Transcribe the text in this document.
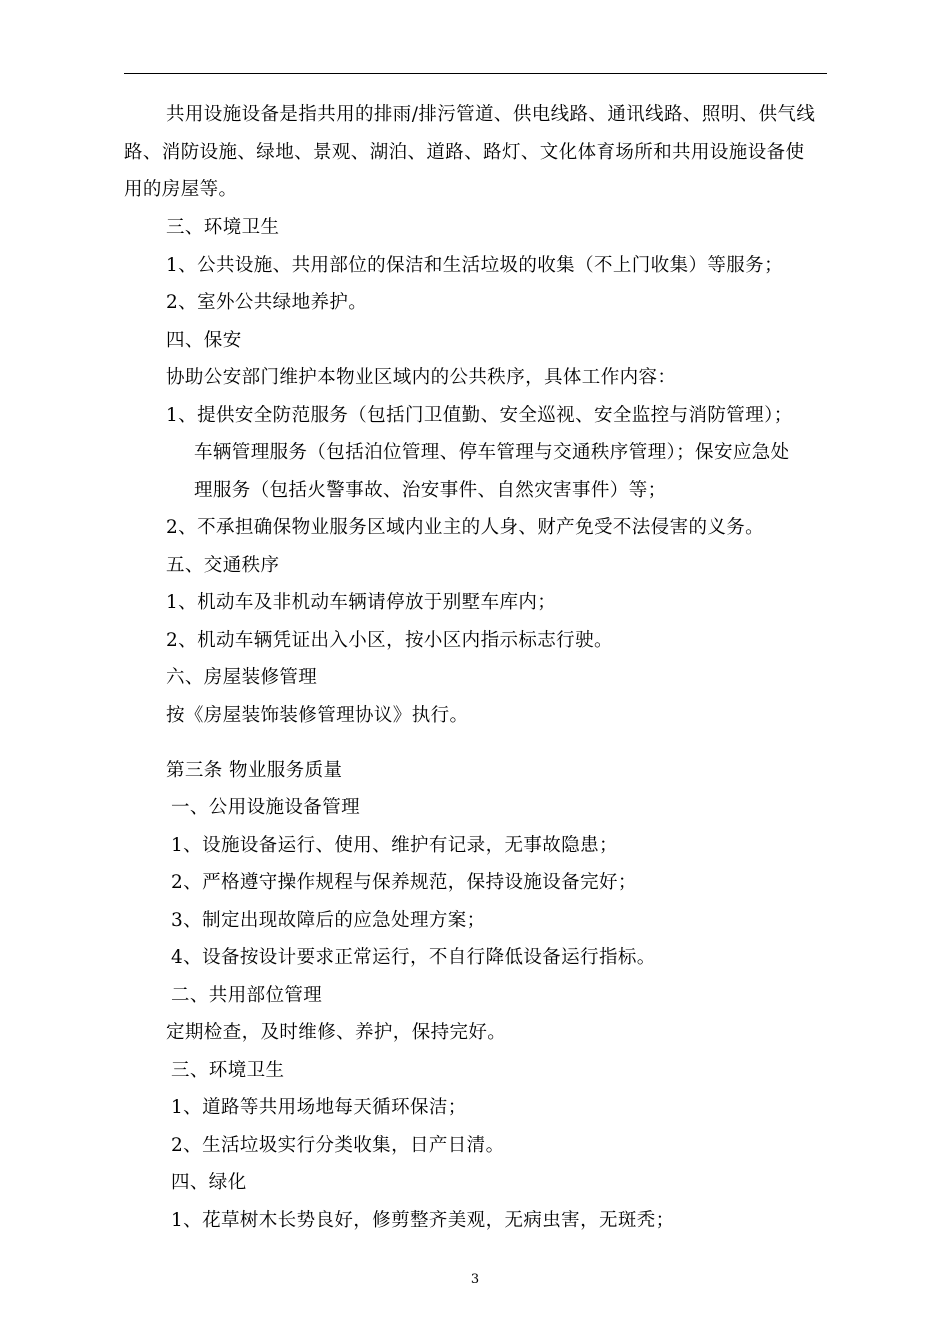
共用设施设备是指共用的排雨/排污管道、供电线路、通讯线路、照明、供气线
路、消防设施、绿地、景观、湖泊、道路、路灯、文化体育场所和共用设施设备使
用的房屋等。
三、环境卫生
1、公共设施、共用部位的保洁和生活垃圾的收集（不上门收集）等服务；
2、室外公共绿地养护。
四、保安
协助公安部门维护本物业区域内的公共秩序，具体工作内容：
1、提供安全防范服务（包括门卫值勤、安全巡视、安全监控与消防管理）；
车辆管理服务（包括泊位管理、停车管理与交通秩序管理）；保安应急处
理服务（包括火警事故、治安事件、自然灾害事件）等；
2、不承担确保物业服务区域内业主的人身、财产免受不法侵害的义务。
五、交通秩序
1、机动车及非机动车辆请停放于别墅车库内；
2、机动车辆凭证出入小区，按小区内指示标志行驶。
六、房屋装修管理
按《房屋装饰装修管理协议》执行。
第三条 物业服务质量
一、公用设施设备管理
1、设施设备运行、使用、维护有记录，无事故隐患；
2、严格遵守操作规程与保养规范，保持设施设备完好；
3、制定出现故障后的应急处理方案；
4、设备按设计要求正常运行，不自行降低设备运行指标。
二、共用部位管理
定期检查，及时维修、养护，保持完好。
三、环境卫生
1、道路等共用场地每天循环保洁；
2、生活垃圾实行分类收集，日产日清。
四、绿化
1、花草树木长势良好，修剪整齐美观，无病虫害，无斑秃；
3
